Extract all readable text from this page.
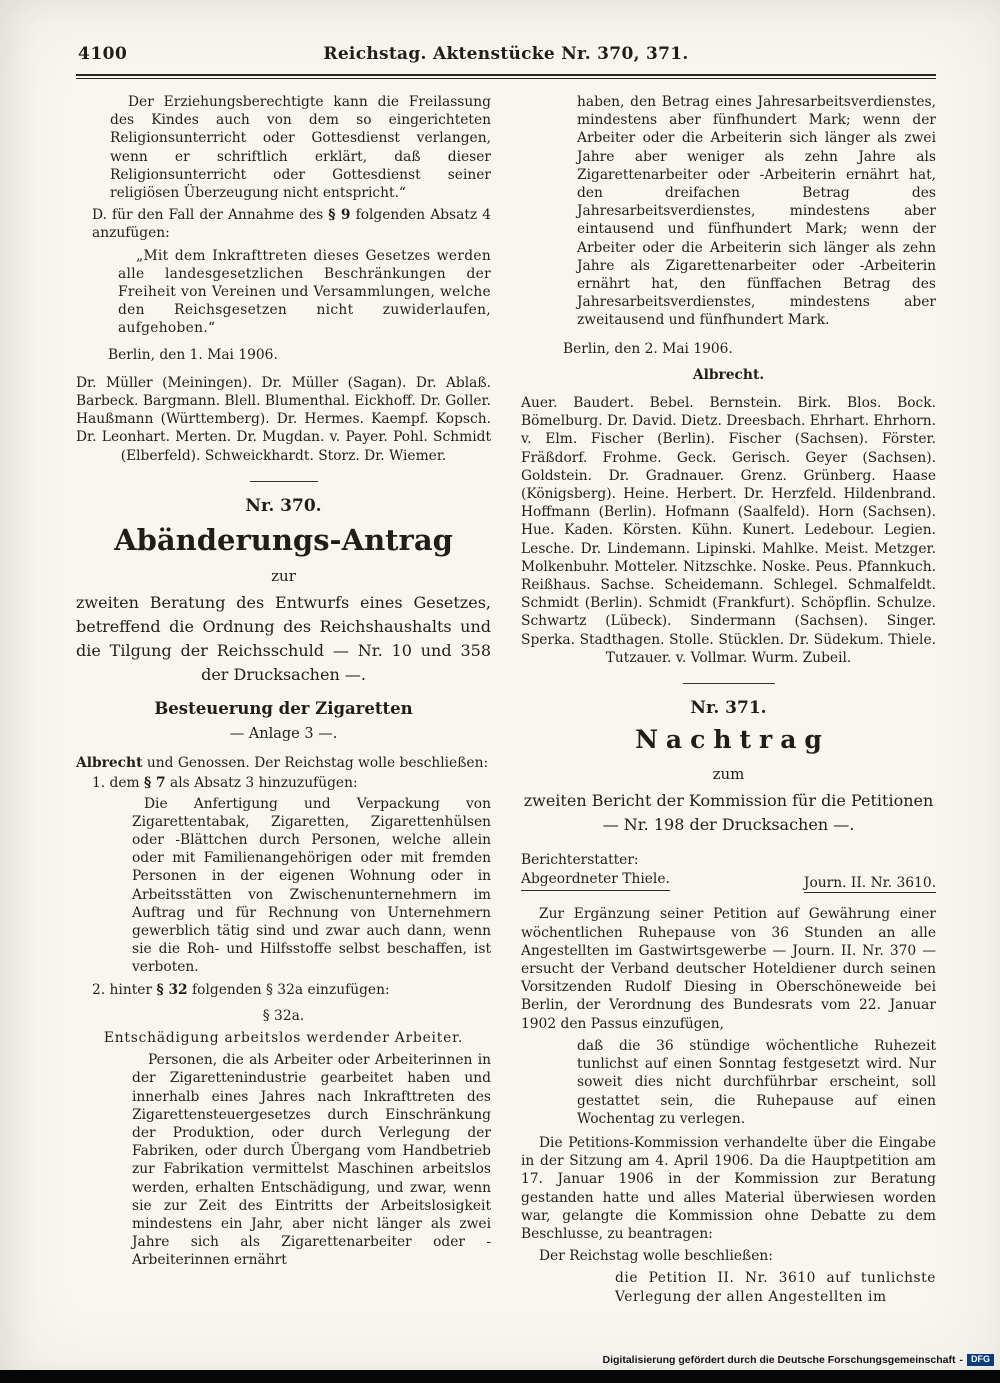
4100	Reichstag. Aktenstücke Nr. 370, 371.

Der Erziehungsberechtigte kann die Freilassung des Kindes auch von dem so eingerichteten Religionsunterricht oder Gottesdienst verlangen, wenn er schriftlich erklärt, daß dieser Religionsunterricht oder Gottesdienst seiner religiösen Überzeugung nicht entspricht.“

D. für den Fall der Annahme des § 9 folgenden Absatz 4 anzufügen:

„Mit dem Inkrafttreten dieses Gesetzes werden alle landesgesetzlichen Beschränkungen der Freiheit von Vereinen und Versammlungen, welche den Reichsgesetzen nicht zuwiderlaufen, aufgehoben.“

Berlin, den 1. Mai 1906.

Dr. Müller (Meiningen). Dr. Müller (Sagan). Dr. Ablaß. Barbeck. Bargmann. Blell. Blumenthal. Eickhoff. Dr. Goller. Haußmann (Württemberg). Dr. Hermes. Kaempf. Kopsch. Dr. Leonhart. Merten. Dr. Mugdan. v. Payer. Pohl. Schmidt (Elberfeld). Schweickhardt. Storz. Dr. Wiemer.

Nr. 370.

Abänderungs-Antrag

zur

zweiten Beratung des Entwurfs eines Gesetzes, betreffend die Ordnung des Reichshaushalts und die Tilgung der Reichsschuld — Nr. 10 und 358 der Drucksachen —.

Besteuerung der Zigaretten

— Anlage 3 —.

Albrecht und Genossen. Der Reichstag wolle beschließen:

1. dem § 7 als Absatz 3 hinzuzufügen:

Die Anfertigung und Verpackung von Zigarettentabak, Zigaretten, Zigarettenhülsen oder -Blättchen durch Personen, welche allein oder mit Familienangehörigen oder mit fremden Personen in der eigenen Wohnung oder in Arbeitsstätten von Zwischenunternehmern im Auftrag und für Rechnung von Unternehmern gewerblich tätig sind und zwar auch dann, wenn sie die Roh- und Hilfsstoffe selbst beschaffen, ist verboten.

2. hinter § 32 folgenden § 32a einzufügen:

§ 32a.

Entschädigung arbeitslos werdender Arbeiter.

Personen, die als Arbeiter oder Arbeiterinnen in der Zigarettenindustrie gearbeitet haben und innerhalb eines Jahres nach Inkrafttreten des Zigarettensteuergesetzes durch Einschränkung der Produktion, oder durch Verlegung der Fabriken, oder durch Übergang vom Handbetrieb zur Fabrikation vermittelst Maschinen arbeitslos werden, erhalten Entschädigung, und zwar, wenn sie zur Zeit des Eintritts der Arbeitslosigkeit mindestens ein Jahr, aber nicht länger als zwei Jahre sich als Zigarettenarbeiter oder -Arbeiterinnen ernährt

haben, den Betrag eines Jahresarbeitsverdienstes, mindestens aber fünfhundert Mark; wenn der Arbeiter oder die Arbeiterin sich länger als zwei Jahre aber weniger als zehn Jahre als Zigarettenarbeiter oder -Arbeiterin ernährt hat, den dreifachen Betrag des Jahresarbeitsverdienstes, mindestens aber eintausend und fünfhundert Mark; wenn der Arbeiter oder die Arbeiterin sich länger als zehn Jahre als Zigarettenarbeiter oder -Arbeiterin ernährt hat, den fünffachen Betrag des Jahresarbeitsverdienstes, mindestens aber zweitausend und fünfhundert Mark.

Berlin, den 2. Mai 1906.

Albrecht.

Auer. Baudert. Bebel. Bernstein. Birk. Blos. Bock. Bömelburg. Dr. David. Dietz. Dreesbach. Ehrhart. Ehrhorn. v. Elm. Fischer (Berlin). Fischer (Sachsen). Förster. Fräßdorf. Frohme. Geck. Gerisch. Geyer (Sachsen). Goldstein. Dr. Gradnauer. Grenz. Grünberg. Haase (Königsberg). Heine. Herbert. Dr. Herzfeld. Hildenbrand. Hoffmann (Berlin). Hofmann (Saalfeld). Horn (Sachsen). Hue. Kaden. Körsten. Kühn. Kunert. Ledebour. Legien. Lesche. Dr. Lindemann. Lipinski. Mahlke. Meist. Metzger. Molkenbuhr. Motteler. Nitzschke. Noske. Peus. Pfannkuch. Reißhaus. Sachse. Scheidemann. Schlegel. Schmalfeldt. Schmidt (Berlin). Schmidt (Frankfurt). Schöpflin. Schulze. Schwartz (Lübeck). Sindermann (Sachsen). Singer. Sperka. Stadthagen. Stolle. Stücklen. Dr. Südekum. Thiele. Tutzauer. v. Vollmar. Wurm. Zubeil.

Nr. 371.

Nachtrag

zum

zweiten Bericht der Kommission für die Petitionen — Nr. 198 der Drucksachen —.

Berichterstatter:
Abgeordneter Thiele.	Journ. II. Nr. 3610.

Zur Ergänzung seiner Petition auf Gewährung einer wöchentlichen Ruhepause von 36 Stunden an alle Angestellten im Gastwirtsgewerbe — Journ. II. Nr. 370 — ersucht der Verband deutscher Hoteldiener durch seinen Vorsitzenden Rudolf Diesing in Oberschöneweide bei Berlin, der Verordnung des Bundesrats vom 22. Januar 1902 den Passus einzufügen,

daß die 36 stündige wöchentliche Ruhezeit tunlichst auf einen Sonntag festgesetzt wird. Nur soweit dies nicht durchführbar erscheint, soll gestattet sein, die Ruhepause auf einen Wochentag zu verlegen.

Die Petitions-Kommission verhandelte über die Eingabe in der Sitzung am 4. April 1906. Da die Hauptpetition am 17. Januar 1906 in der Kommission zur Beratung gestanden hatte und alles Material überwiesen worden war, gelangte die Kommission ohne Debatte zu dem Beschlusse, zu beantragen:

Der Reichstag wolle beschließen:

die Petition II. Nr. 3610 auf tunlichste Verlegung der allen Angestellten im

Digitalisierung gefördert durch die Deutsche Forschungsgemeinschaft - DFG
